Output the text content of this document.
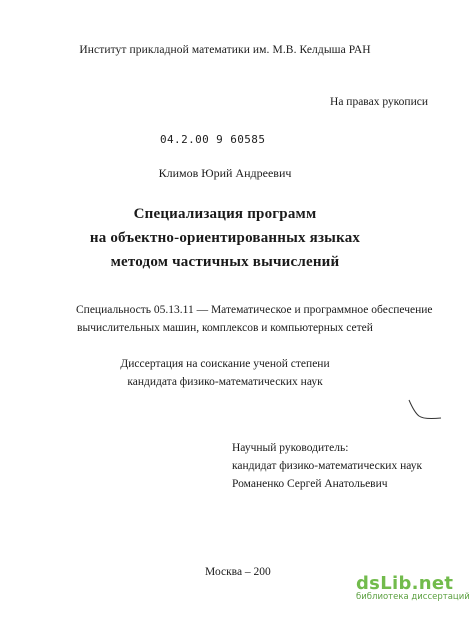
Институт прикладной математики им. М.В. Келдыша РАН
На правах рукописи
04.2.00 9 60585
Климов Юрий Андреевич
Специализация программ
на объектно-ориентированных языках
методом частичных вычислений
Специальность 05.13.11 — Математическое и программное обеспечение
вычислительных машин, комплексов и компьютерных сетей
Диссертация на соискание ученой степени
кандидата физико-математических наук
Научный руководитель:
кандидат физико-математических наук
Романенко Сергей Анатольевич
Москва – 200
dsLib.net
библиотека диссертаций
